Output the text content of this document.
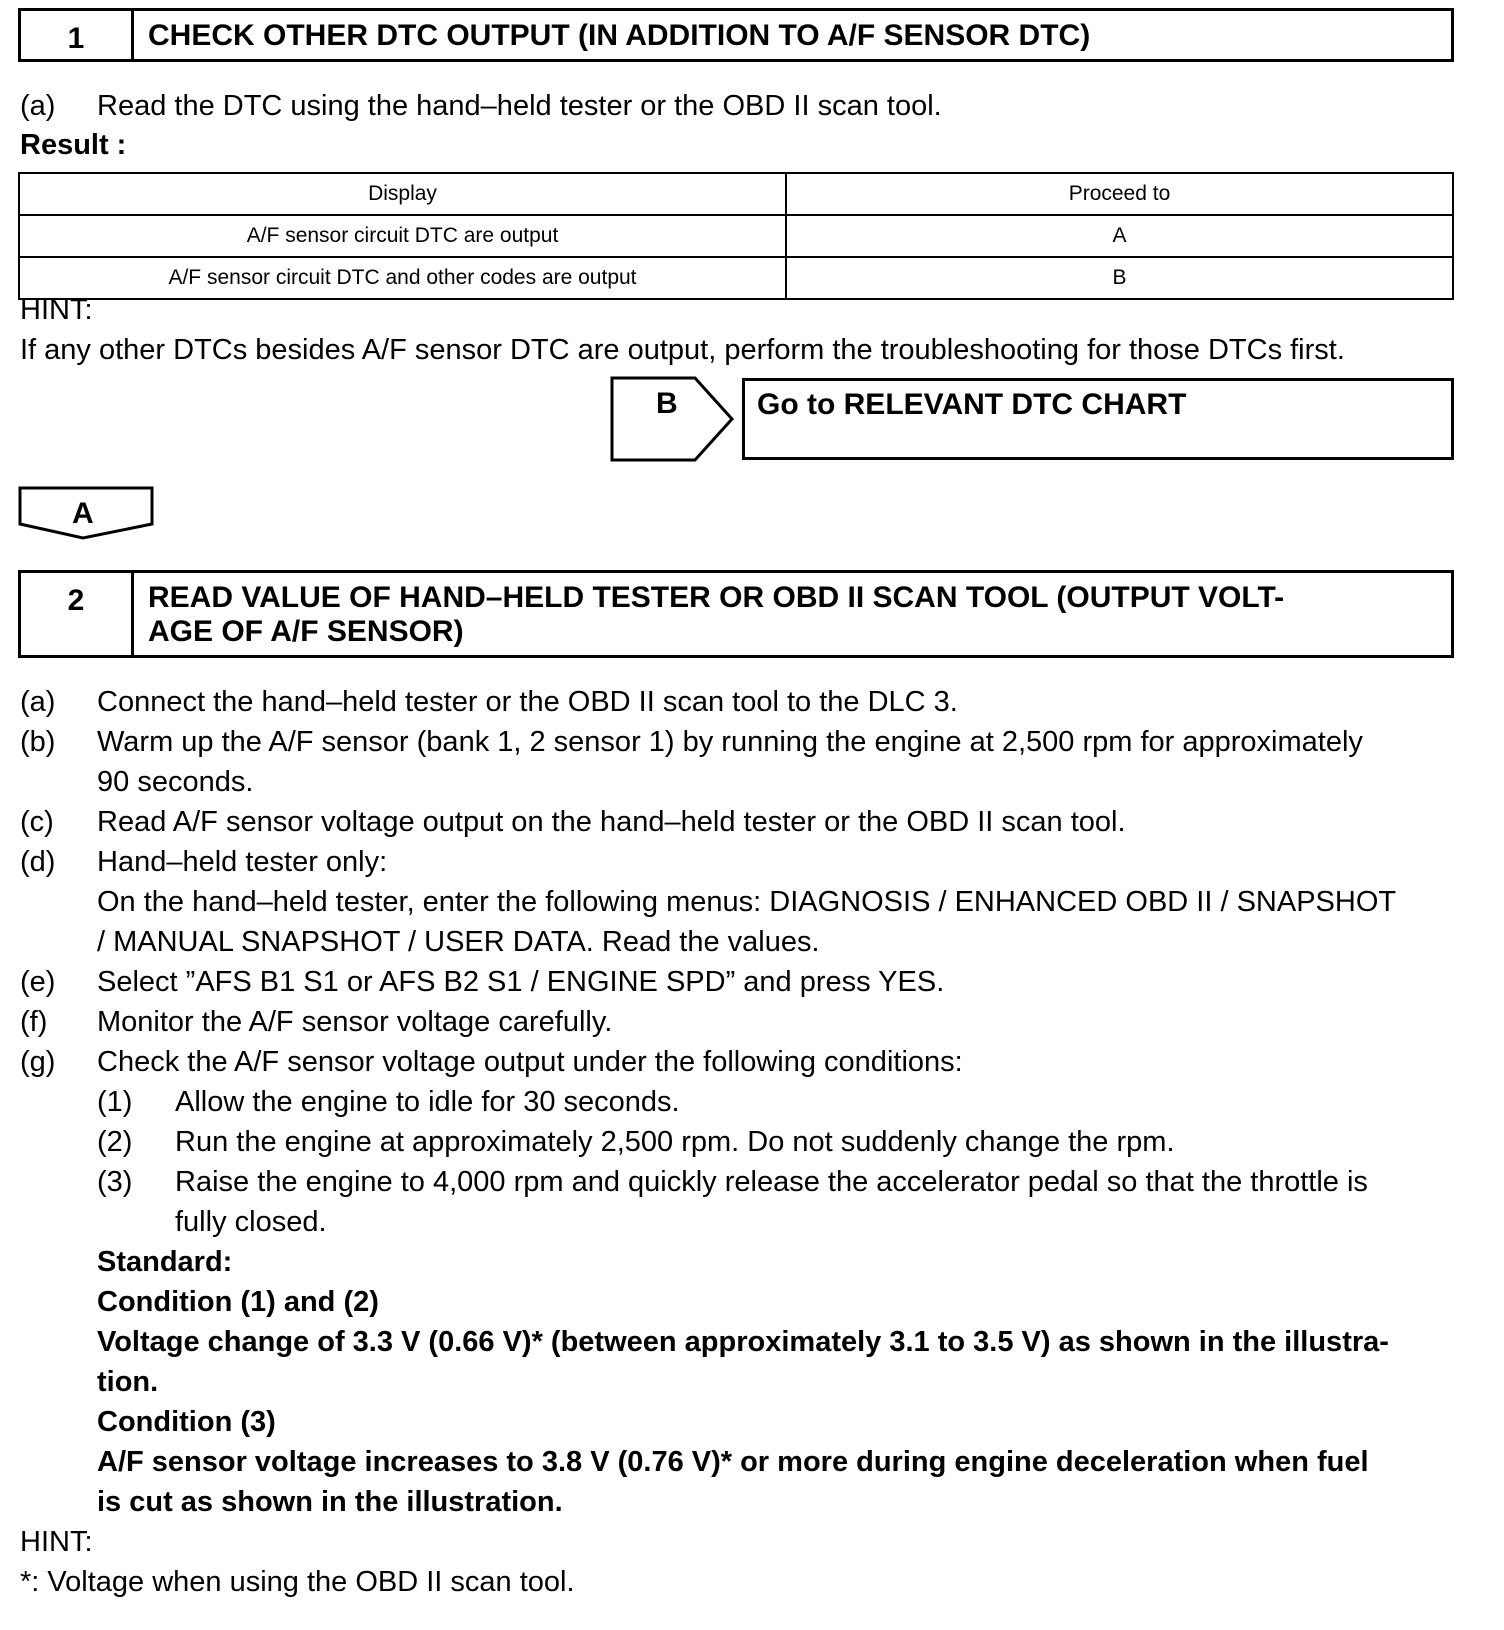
1	CHECK OTHER DTC OUTPUT (IN ADDITION TO A/F SENSOR DTC)
(a) Read the DTC using the hand–held tester or the OBD II scan tool.
Result :
Display	Proceed to
A/F sensor circuit DTC are output	A
A/F sensor circuit DTC and other codes are output	B
HINT:
If any other DTCs besides A/F sensor DTC are output, perform the troubleshooting for those DTCs first.
B	Go to RELEVANT DTC CHART
A
2	READ VALUE OF HAND–HELD TESTER OR OBD II SCAN TOOL (OUTPUT VOLT-
AGE OF A/F SENSOR)
(a) Connect the hand–held tester or the OBD II scan tool to the DLC 3.
(b) Warm up the A/F sensor (bank 1, 2 sensor 1) by running the engine at 2,500 rpm for approximately
90 seconds.
(c) Read A/F sensor voltage output on the hand–held tester or the OBD II scan tool.
(d) Hand–held tester only:
On the hand–held tester, enter the following menus: DIAGNOSIS / ENHANCED OBD II / SNAPSHOT
/ MANUAL SNAPSHOT / USER DATA. Read the values.
(e) Select ”AFS B1 S1 or AFS B2 S1 / ENGINE SPD” and press YES.
(f) Monitor the A/F sensor voltage carefully.
(g) Check the A/F sensor voltage output under the following conditions:
(1) Allow the engine to idle for 30 seconds.
(2) Run the engine at approximately 2,500 rpm. Do not suddenly change the rpm.
(3) Raise the engine to 4,000 rpm and quickly release the accelerator pedal so that the throttle is
fully closed.
Standard:
Condition (1) and (2)
Voltage change of 3.3 V (0.66 V)* (between approximately 3.1 to 3.5 V) as shown in the illustra-
tion.
Condition (3)
A/F sensor voltage increases to 3.8 V (0.76 V)* or more during engine deceleration when fuel
is cut as shown in the illustration.
HINT:
*: Voltage when using the OBD II scan tool.
